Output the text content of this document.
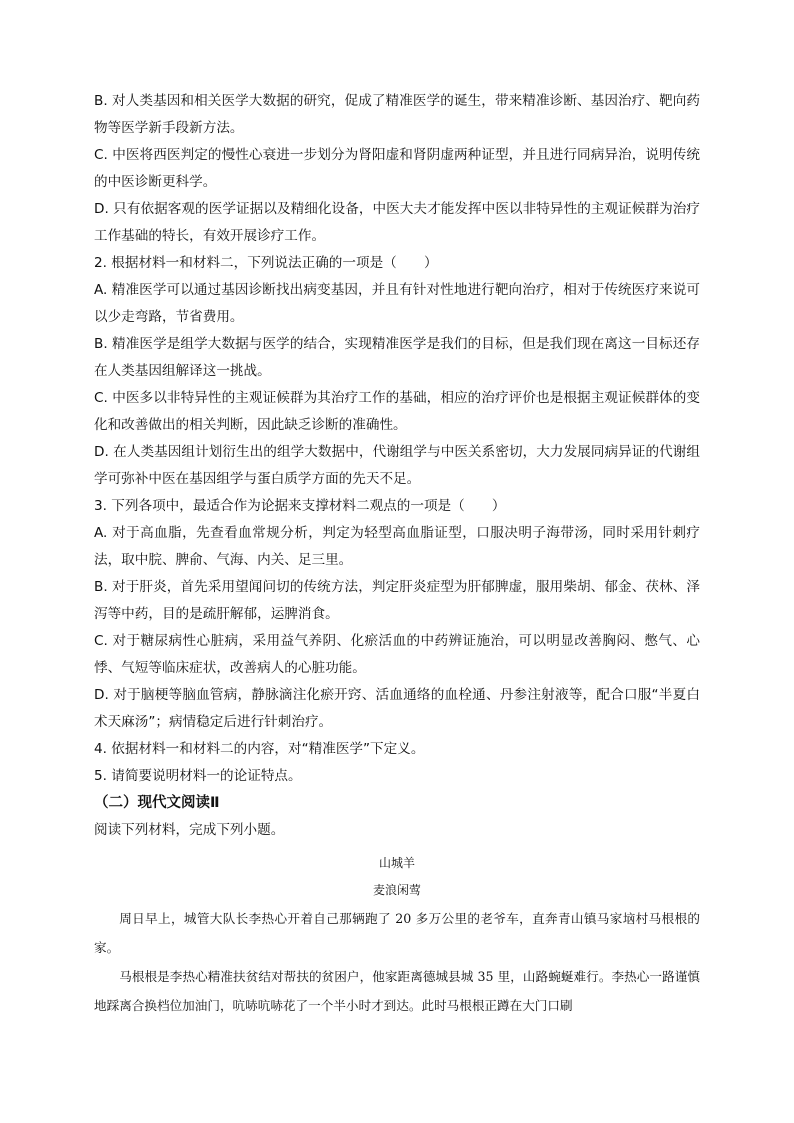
B. 对人类基因和相关医学大数据的研究，促成了精准医学的诞生，带来精准诊断、基因治疗、靶向药物等医学新手段新方法。

C. 中医将西医判定的慢性心衰进一步划分为肾阳虚和肾阴虚两种证型，并且进行同病异治，说明传统的中医诊断更科学。

D. 只有依据客观的医学证据以及精细化设备，中医大夫才能发挥中医以非特异性的主观证候群为治疗工作基础的特长，有效开展诊疗工作。

2. 根据材料一和材料二，下列说法正确的一项是（　　）

A. 精准医学可以通过基因诊断找出病变基因，并且有针对性地进行靶向治疗，相对于传统医疗来说可以少走弯路，节省费用。

B. 精准医学是组学大数据与医学的结合，实现精准医学是我们的目标，但是我们现在离这一目标还存在人类基因组解译这一挑战。

C. 中医多以非特异性的主观证候群为其治疗工作的基础，相应的治疗评价也是根据主观证候群体的变化和改善做出的相关判断，因此缺乏诊断的准确性。

D. 在人类基因组计划衍生出的组学大数据中，代谢组学与中医关系密切，大力发展同病异证的代谢组学可弥补中医在基因组学与蛋白质学方面的先天不足。

3. 下列各项中，最适合作为论据来支撑材料二观点的一项是（　　）

A. 对于高血脂，先查看血常规分析，判定为轻型高血脂证型，口服决明子海带汤，同时采用针刺疗法，取中脘、脾俞、气海、内关、足三里。

B. 对于肝炎，首先采用望闻问切的传统方法，判定肝炎症型为肝郁脾虚，服用柴胡、郁金、茯林、泽泻等中药，目的是疏肝解郁，运脾消食。

C. 对于糖尿病性心脏病，采用益气养阴、化瘀活血的中药辨证施治，可以明显改善胸闷、憋气、心悸、气短等临床症状，改善病人的心脏功能。

D. 对于脑梗等脑血管病，静脉滴注化瘀开窍、活血通络的血栓通、丹参注射液等，配合口服“半夏白术天麻汤”；病情稳定后进行针刺治疗。

4. 依据材料一和材料二的内容，对“精准医学”下定义。

5. 请简要说明材料一的论证特点。

（二）现代文阅读Ⅱ

阅读下列材料，完成下列小题。

山城羊
麦浪闲莺

周日早上，城管大队长李热心开着自己那辆跑了 20 多万公里的老爷车，直奔青山镇马家垴村马根根的家。

马根根是李热心精准扶贫结对帮扶的贫困户，他家距离德城县城 35 里，山路蜿蜒难行。李热心一路谨慎地踩离合换档位加油门，吭哧吭哧花了一个半小时才到达。此时马根根正蹲在大门口刷
